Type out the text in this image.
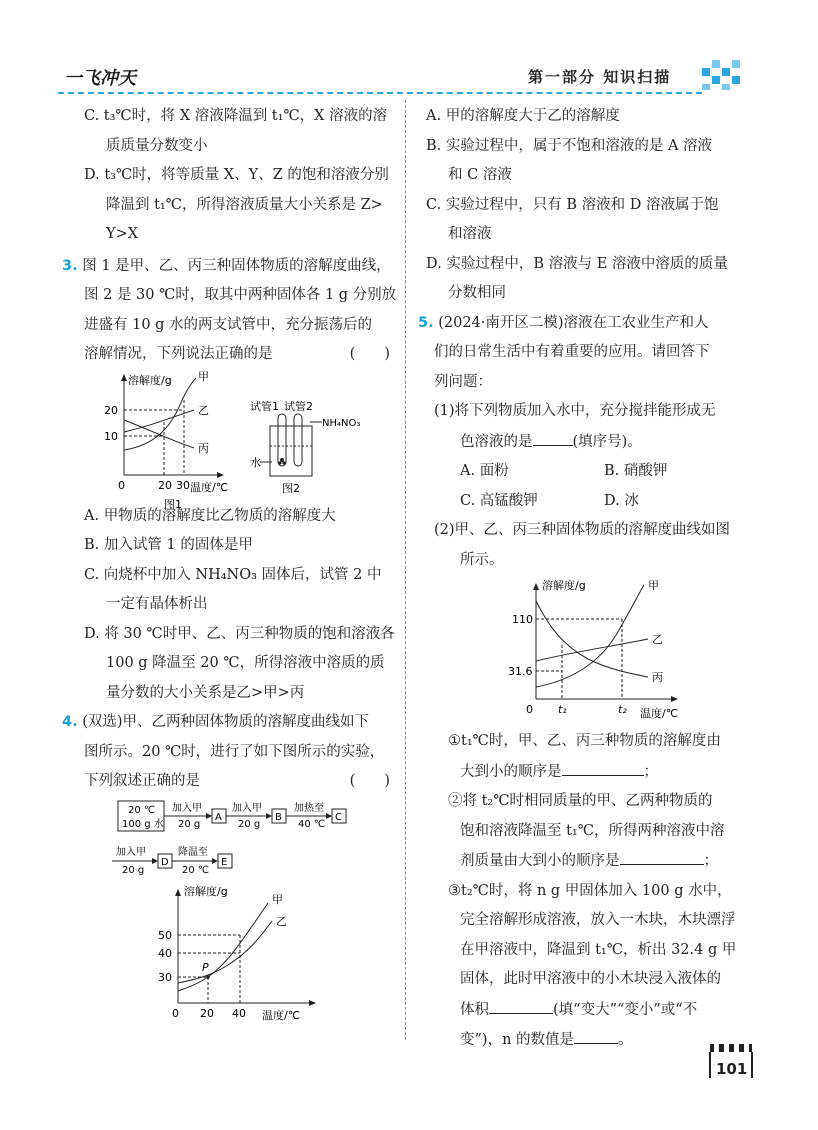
一飞冲天	第一部分 知识扫描

C. t₃℃时，将 X 溶液降温到 t₁℃，X 溶液的溶

质质量分数变小

D. t₃℃时，将等质量 X、Y、Z 的饱和溶液分别

降温到 t₁℃，所得溶液质量大小关系是 Z>

Y>X

3. 图 1 是甲、乙、丙三种固体物质的溶解度曲线，

图 2 是 30 ℃时，取其中两种固体各 1 g 分别放

进盛有 10 g 水的两支试管中，充分振荡后的

溶解情况，下列说法正确的是	(　　)

溶解度/g
20
10
0	20 30 温度/℃
甲
乙
丙
图1
试管1 试管2
NH₄NO₃
水
图2

A. 甲物质的溶解度比乙物质的溶解度大

B. 加入试管 1 的固体是甲

C. 向烧杯中加入 NH₄NO₃ 固体后，试管 2 中

一定有晶体析出

D. 将 30 ℃时甲、乙、丙三种物质的饱和溶液各

100 g 降温至 20 ℃，所得溶液中溶质的质

量分数的大小关系是乙>甲>丙

4. (双选)甲、乙两种固体物质的溶解度曲线如下

图所示。20 ℃时，进行了如下图所示的实验，

下列叙述正确的是	(　　)

20 ℃
100 g 水
加入甲
20 g
A
加入甲
20 g
B
加热至
40 ℃
C
加入甲
20 g
D
降温至
20 ℃
E
溶解度/g
50
40
30
0 20 40 温度/℃
P
甲
乙

A. 甲的溶解度大于乙的溶解度

B. 实验过程中，属于不饱和溶液的是 A 溶液

和 C 溶液

C. 实验过程中，只有 B 溶液和 D 溶液属于饱

和溶液

D. 实验过程中，B 溶液与 E 溶液中溶质的质量

分数相同

5. (2024·南开区二模)溶液在工农业生产和人

们的日常生活中有着重要的应用。请回答下

列问题：

(1)将下列物质加入水中，充分搅拌能形成无

色溶液的是	(填序号)。

A. 面粉	B. 硝酸钾

C. 高锰酸钾	D. 冰

(2)甲、乙、丙三种固体物质的溶解度曲线如图

所示。

溶解度/g
110
31.6
0 t₁	t₂ 温度/℃
甲
乙
丙

①t₁℃时，甲、乙、丙三种物质的溶解度由

大到小的顺序是	；

②将 t₂℃时相同质量的甲、乙两种物质的

饱和溶液降温至 t₁℃，所得两种溶液中溶

剂质量由大到小的顺序是	；

③t₂℃时，将 n g 甲固体加入 100 g 水中，

完全溶解形成溶液，放入一木块，木块漂浮

在甲溶液中，降温到 t₁℃，析出 32.4 g 甲

固体，此时甲溶液中的小木块浸入液体的

体积	(填“变大”“变小”或“不

变”)，n 的数值是	。

101
